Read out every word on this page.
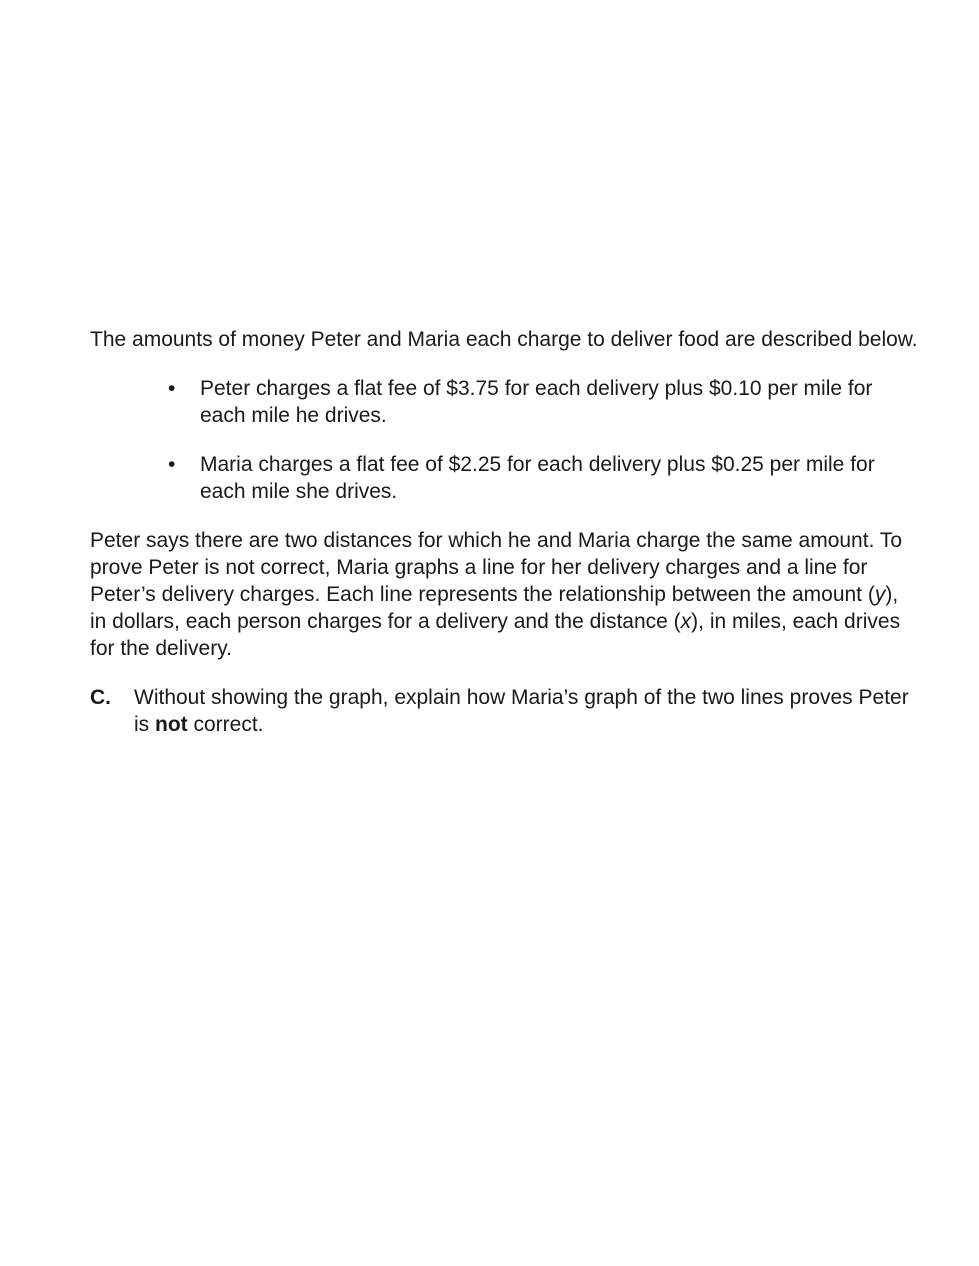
The amounts of money Peter and Maria each charge to deliver food are described below.

• Peter charges a flat fee of $3.75 for each delivery plus $0.10 per mile for each mile he drives.
• Maria charges a flat fee of $2.25 for each delivery plus $0.25 per mile for each mile she drives.

Peter says there are two distances for which he and Maria charge the same amount. To prove Peter is not correct, Maria graphs a line for her delivery charges and a line for Peter’s delivery charges. Each line represents the relationship between the amount (y), in dollars, each person charges for a delivery and the distance (x), in miles, each drives for the delivery.

C. Without showing the graph, explain how Maria’s graph of the two lines proves Peter is not correct.
